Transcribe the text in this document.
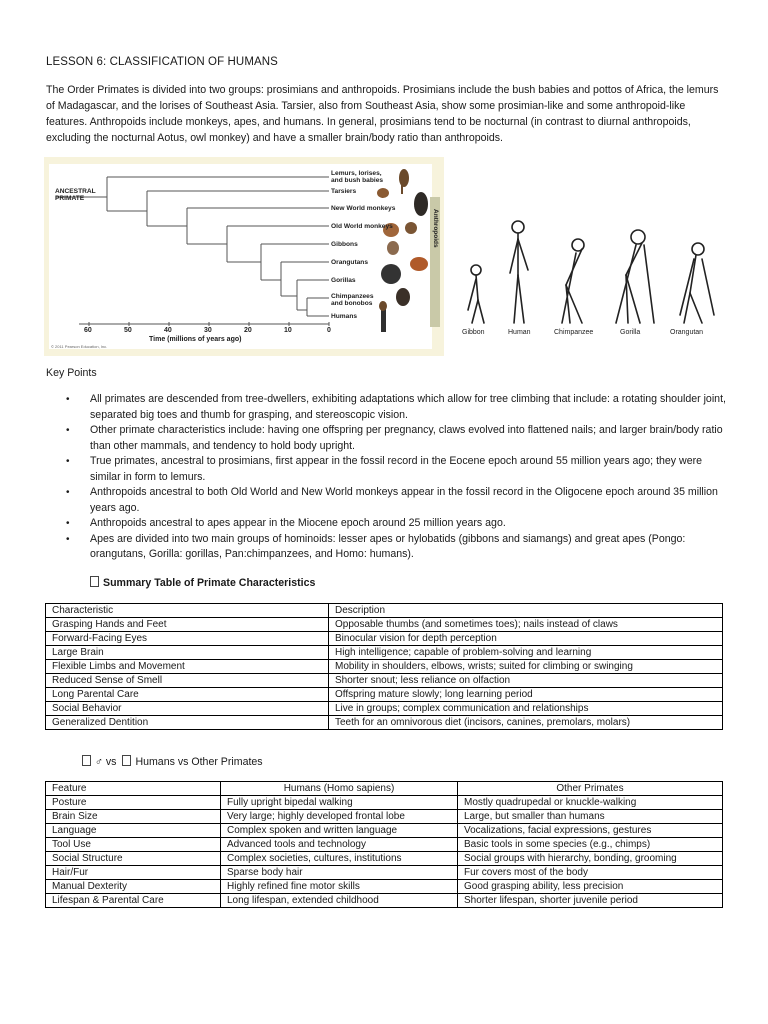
LESSON 6: CLASSIFICATION OF HUMANS

The Order Primates is divided into two groups: prosimians and anthropoids. Prosimians include the bush babies and pottos of Africa, the lemurs of Madagascar, and the lorises of Southeast Asia. Tarsier, also from Southeast Asia, show some prosimian-like and some anthropoid-like features. Anthropoids include monkeys, apes, and humans. In general, prosimians tend to be nocturnal (in contrast to diurnal anthropoids, excluding the nocturnal Aotus, owl monkey) and have a smaller brain/body ratio than anthropoids.

ANCESTRAL
PRIMATE
Lemurs, lorises,
and bush babies
Tarsiers
New World monkeys
Old World monkeys
Gibbons
Orangutans
Gorillas
Chimpanzees
and bonobos
Humans
60	50	40	30	20	10	0
Time (millions of years ago)
© 2011 Pearson Education, Inc.
Anthropoids
Gibbon	Human	Chimpanzee	Gorilla	Orangutan
Key Points
• All primates are descended from tree-dwellers, exhibiting adaptations which allow for tree climbing that include: a rotating shoulder joint, separated big toes and thumb for grasping, and stereoscopic vision.
• Other primate characteristics include: having one offspring per pregnancy, claws evolved into flattened nails; and larger brain/body ratio than other mammals, and tendency to hold body upright.
• True primates, ancestral to prosimians, first appear in the fossil record in the Eocene epoch around 55 million years ago; they were similar in form to lemurs.
• Anthropoids ancestral to both Old World and New World monkeys appear in the fossil record in the Oligocene epoch around 35 million years ago.
• Anthropoids ancestral to apes appear in the Miocene epoch around 25 million years ago.
• Apes are divided into two main groups of hominoids: lesser apes or hylobatids (gibbons and siamangs) and great apes (Pongo: orangutans, Gorilla: gorillas, Pan:chimpanzees, and Homo: humans).
Summary Table of Primate Characteristics
Characteristic	Description
Grasping Hands and Feet	Opposable thumbs (and sometimes toes); nails instead of claws
Forward-Facing Eyes	Binocular vision for depth perception
Large Brain	High intelligence; capable of problem-solving and learning
Flexible Limbs and Movement	Mobility in shoulders, elbows, wrists; suited for climbing or swinging
Reduced Sense of Smell	Shorter snout; less reliance on olfaction
Long Parental Care	Offspring mature slowly; long learning period
Social Behavior	Live in groups; complex communication and relationships
Generalized Dentition	Teeth for an omnivorous diet (incisors, canines, premolars, molars)
♂ vs Humans vs Other Primates
Feature	Humans (Homo sapiens)	Other Primates
Posture	Fully upright bipedal walking	Mostly quadrupedal or knuckle-walking
Brain Size	Very large; highly developed frontal lobe	Large, but smaller than humans
Language	Complex spoken and written language	Vocalizations, facial expressions, gestures
Tool Use	Advanced tools and technology	Basic tools in some species (e.g., chimps)
Social Structure	Complex societies, cultures, institutions	Social groups with hierarchy, bonding, grooming
Hair/Fur	Sparse body hair	Fur covers most of the body
Manual Dexterity	Highly refined fine motor skills	Good grasping ability, less precision
Lifespan & Parental Care	Long lifespan, extended childhood	Shorter lifespan, shorter juvenile period
